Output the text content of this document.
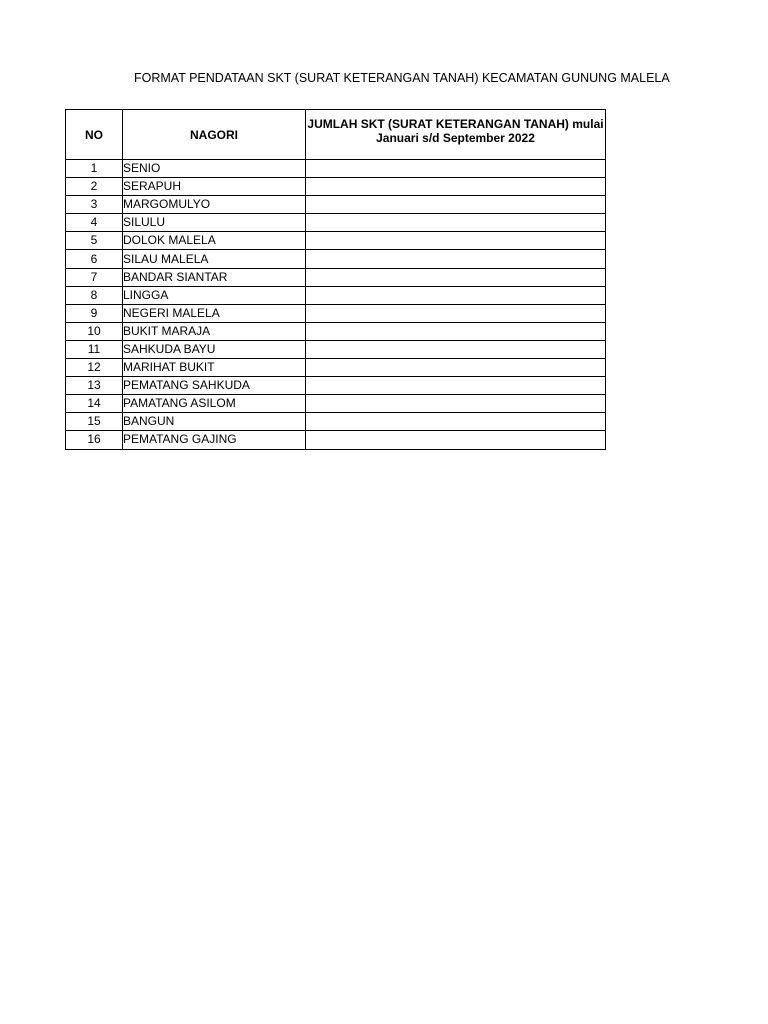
FORMAT PENDATAAN SKT (SURAT KETERANGAN TANAH) KECAMATAN GUNUNG MALELA
NO	NAGORI	JUMLAH SKT (SURAT KETERANGAN TANAH) mulai Januari s/d September 2022
1	SENIO	
2	SERAPUH	
3	MARGOMULYO	
4	SILULU	
5	DOLOK MALELA	
6	SILAU MALELA	
7	BANDAR SIANTAR	
8	LINGGA	
9	NEGERI MALELA	
10	BUKIT MARAJA	
11	SAHKUDA BAYU	
12	MARIHAT BUKIT	
13	PEMATANG SAHKUDA	
14	PAMATANG ASILOM	
15	BANGUN	
16	PEMATANG GAJING	
